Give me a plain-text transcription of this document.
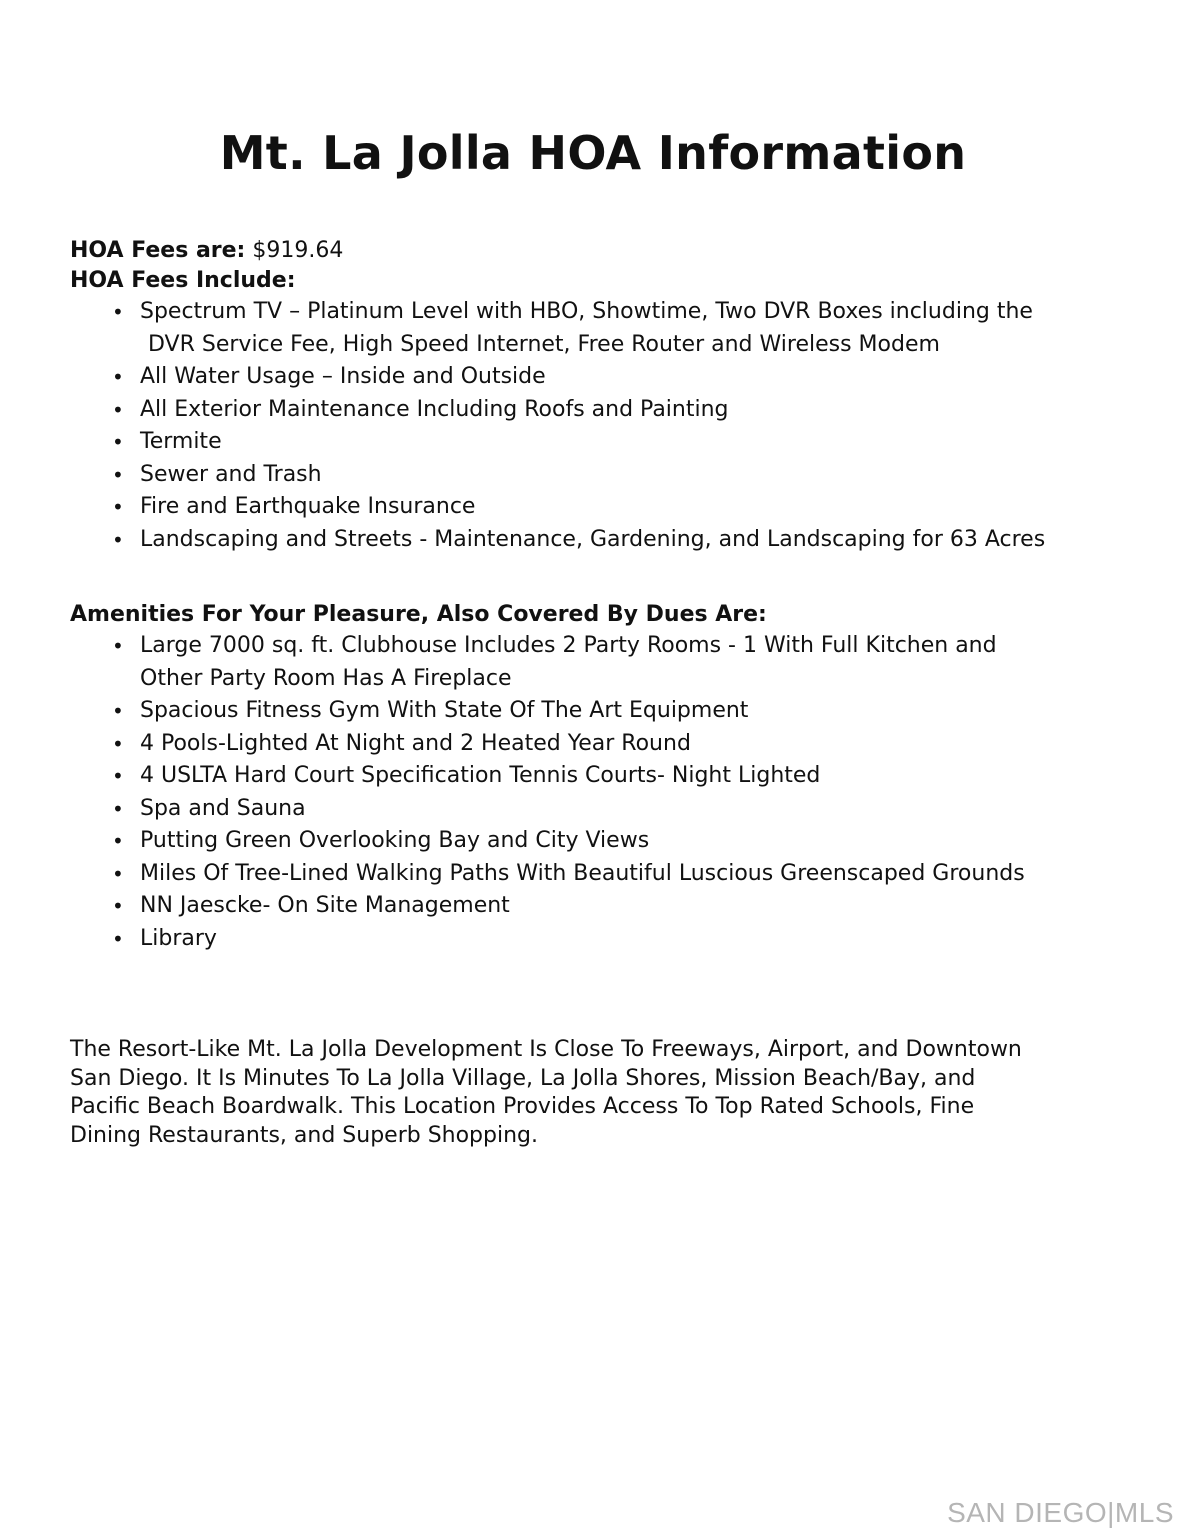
Mt. La Jolla HOA Information
HOA Fees are: $919.64
HOA Fees Include:
• Spectrum TV – Platinum Level with HBO, Showtime, Two DVR Boxes including the
DVR Service Fee, High Speed Internet, Free Router and Wireless Modem
• All Water Usage – Inside and Outside
• All Exterior Maintenance Including Roofs and Painting
• Termite
• Sewer and Trash
• Fire and Earthquake Insurance
• Landscaping and Streets - Maintenance, Gardening, and Landscaping for 63 Acres
Amenities For Your Pleasure, Also Covered By Dues Are:
• Large 7000 sq. ft. Clubhouse Includes 2 Party Rooms - 1 With Full Kitchen and
Other Party Room Has A Fireplace
• Spacious Fitness Gym With State Of The Art Equipment
• 4 Pools-Lighted At Night and 2 Heated Year Round
• 4 USLTA Hard Court Specification Tennis Courts- Night Lighted
• Spa and Sauna
• Putting Green Overlooking Bay and City Views
• Miles Of Tree-Lined Walking Paths With Beautiful Luscious Greenscaped Grounds
• NN Jaescke- On Site Management
• Library

The Resort-Like Mt. La Jolla Development Is Close To Freeways, Airport, and Downtown
San Diego. It Is Minutes To La Jolla Village, La Jolla Shores, Mission Beach/Bay, and
Pacific Beach Boardwalk. This Location Provides Access To Top Rated Schools, Fine
Dining Restaurants, and Superb Shopping.

SAN DIEGO|MLS
